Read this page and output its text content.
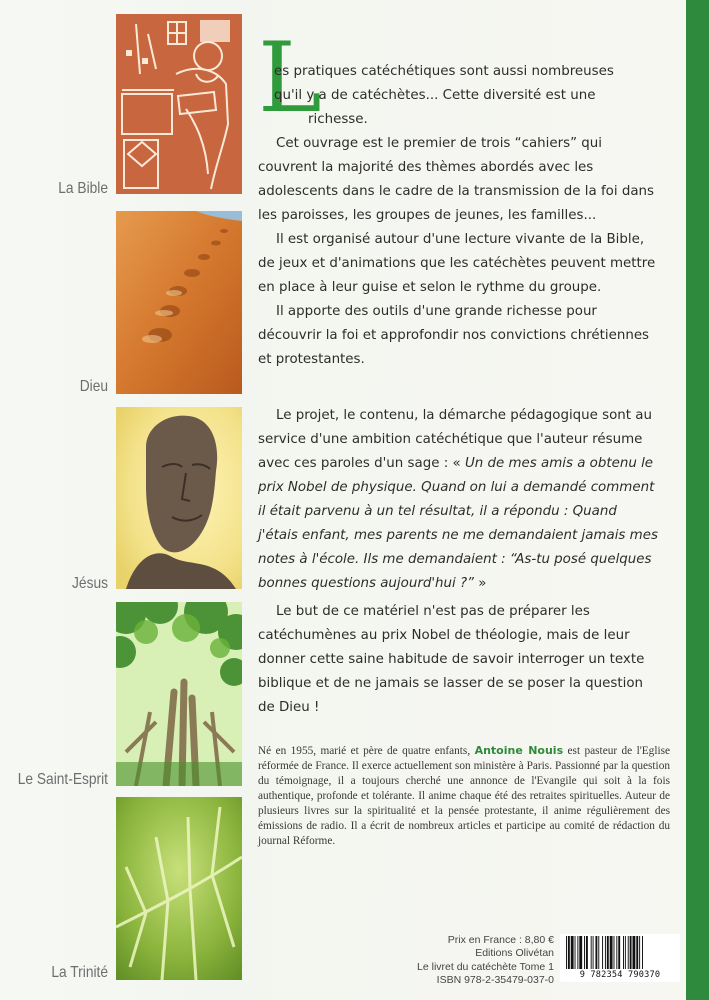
La Bible
Dieu
Jésus
Le Saint-Esprit
La Trinité
L

es pratiques catéchétiques sont aussi nombreuses

qu'il y a de catéchètes... Cette diversité est une

richesse.

Cet ouvrage est le premier de trois “cahiers” qui couvrent la majorité des thèmes abordés avec les adolescents dans le cadre de la transmission de la foi dans les paroisses, les groupes de jeunes, les familles...

Il est organisé autour d'une lecture vivante de la Bible, de jeux et d'animations que les catéchètes peuvent mettre en place à leur guise et selon le rythme du groupe.

Il apporte des outils d'une grande richesse pour découvrir la foi et approfondir nos convictions chrétiennes et protestantes.

Le projet, le contenu, la démarche pédagogique sont au service d'une ambition catéchétique que l'auteur résume avec ces paroles d'un sage : « Un de mes amis a obtenu le prix Nobel de physique. Quand on lui a demandé comment il était parvenu à un tel résultat, il a répondu : Quand j'étais enfant, mes parents ne me demandaient jamais mes notes à l'école. Ils me demandaient : “As-tu posé quelques bonnes questions aujourd'hui ?” »

Le but de ce matériel n'est pas de préparer les catéchumènes au prix Nobel de théologie, mais de leur donner cette saine habitude de savoir interroger un texte biblique et de ne jamais se lasser de se poser la question de Dieu !

Né en 1955, marié et père de quatre enfants, Antoine Nouis est pasteur de l'Eglise réformée de France. Il exerce actuellement son ministère à Paris. Passionné par la question du témoignage, il a toujours cherché une annonce de l'Evangile qui soit à la fois authentique, profonde et tolérante. Il anime chaque été des retraites spirituelles. Auteur de plusieurs livres sur la spiritualité et la pensée protestante, il anime régulièrement des émissions de radio. Il a écrit de nombreux articles et participe au comité de rédaction du journal Réforme.
Prix en France : 8,80 €
Editions Olivétan
Le livret du catéchète Tome 1
ISBN 978-2-35479-037-0	9 782354 790370
